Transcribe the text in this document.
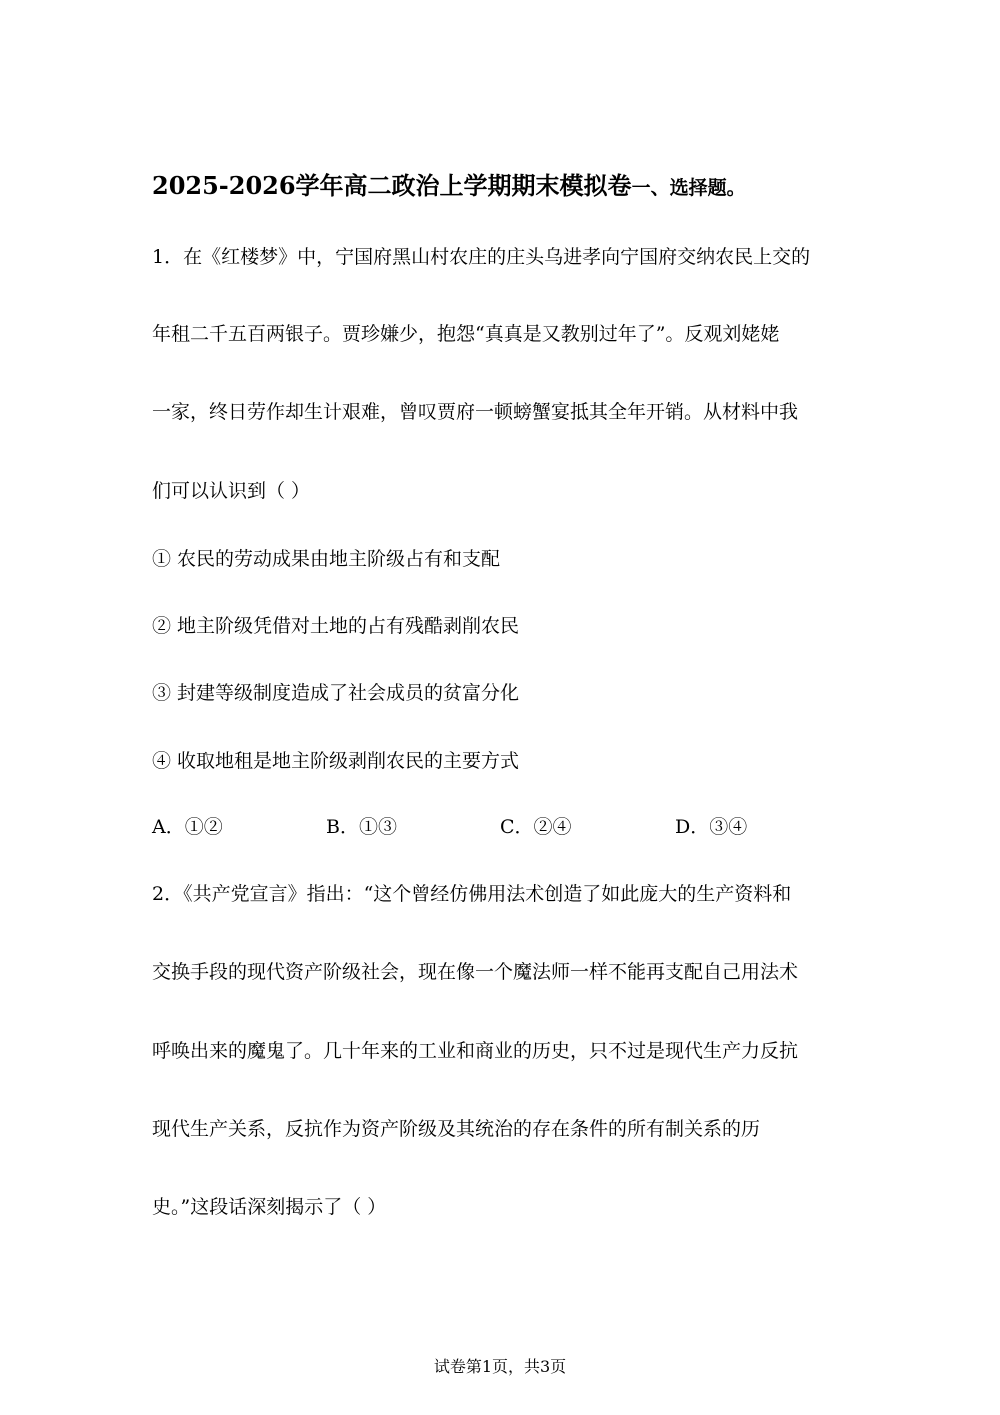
2025-2026学年高二政治上学期期末模拟卷一、选择题。
1．在《红楼梦》中，宁国府黑山村农庄的庄头乌进孝向宁国府交纳农民上交的
年租二千五百两银子。贾珍嫌少，抱怨“真真是又教别过年了”。反观刘姥姥
一家，终日劳作却生计艰难，曾叹贾府一顿螃蟹宴抵其全年开销。从材料中我
们可以认识到（ ）
① 农民的劳动成果由地主阶级占有和支配
② 地主阶级凭借对土地的占有残酷剥削农民
③ 封建等级制度造成了社会成员的贫富分化
④ 收取地租是地主阶级剥削农民的主要方式
A．①②	B．①③	C．②④	D．③④
2．《共产党宣言》指出：“这个曾经仿佛用法术创造了如此庞大的生产资料和
交换手段的现代资产阶级社会，现在像一个魔法师一样不能再支配自己用法术
呼唤出来的魔鬼了。几十年来的工业和商业的历史，只不过是现代生产力反抗
现代生产关系，反抗作为资产阶级及其统治的存在条件的所有制关系的历
史。”这段话深刻揭示了（ ）
试卷第1页，共3页
